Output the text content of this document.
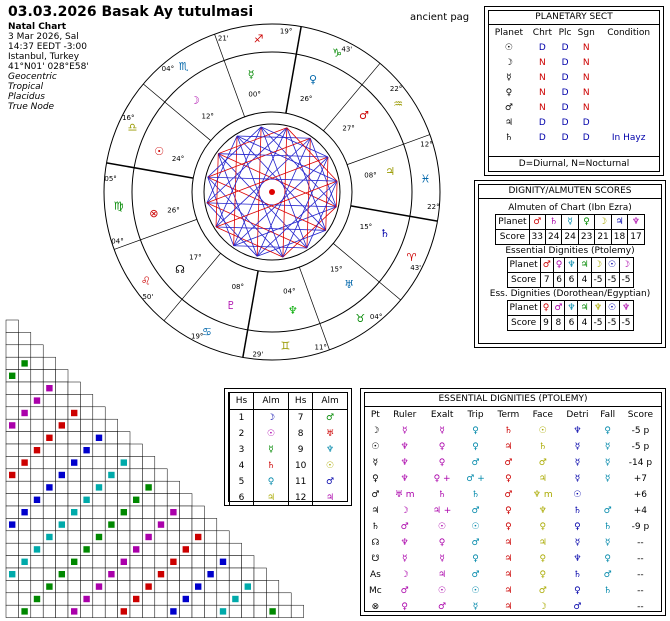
03.03.2026 Basak Ay tutulmasi
Natal Chart
3 Mar 2026, Sal
14:37 EEDT -3:00
Istanbul, Turkey
41°N01' 028°E58'
Geocentric
Tropical
Placidus
True Node
ancient pag
♈
♉
♊
♋
♌
♍
♎
♏
♐
♑
♒
♓
22°
43'
04°
11°
29'
19°
50'
04°
05°
16°
04°
21'
19°
43'
22°
12°
☉
☽
☿	♀
♂
♃
♄
♅
♆
♇
☊
⊗
24°
12°
00°
26°
27°
08°
15°
15°
04°
08°
17°
26°
PLANETARY SECT
Planet	Chrt	Plc	Sgn	Condition
☉	D	D	N	
☽	N	D	N	
☿	N	D	N	
♀	N	D	N	
♂	N	D	N	
♃	D	D	D	
♄	D	D	D	In Hayz
D=Diurnal, N=Nocturnal
DIGNITY/ALMUTEN SCORES
Almuten of Chart (Ibn Ezra)
Planet	♂	♄	☿	♀	☽	♃	♆
Score	33	24	24	23	21	18	17
Essential Dignities (Ptolemy)
Planet	♂	♀	♆	♃	☽	☉	☽
Score	7	6	6	4	-5	-5	-5
Ess. Dignities (Dorothean/Egyptian)
Planet	♀	♂	♆	♃	♆	☉	♆
Score	9	8	6	4	-5	-5	-5
Hs	Alm	Hs	Alm
1	☽	7	♂
2	☉	8	♅
3	☿	9	♆
4	♄	10	☉
5	♀	11	♂
6	♃	12	♃
ESSENTIAL DIGNITIES (PTOLEMY)
Pt	Ruler	Exalt	Trip	Term	Face	Detri	Fall	Score
☽	☿	☿	♀	♄	☉	♆	♀	-5 p
☉	♆	♀	♀	♃	♄	☿	☿	-5 p
☿	♆	♀	♂	♂	♂	☿	☿	-14 p
♀	♆	♀ +	♂ +	♀	♃	☿	☿	+7
♂	♅ m	♄	♄	♂	♆ m	☉		+6
♃	☽	♃ +	♂	♀	♆	♄	♂	+4
♄	♂	☉	☉	♀	♀	♀	♄	-9 p
☊	♆	♀	♂	♃	♃	☿	☿	--
☋	☿	☿	♀	♃	♀	♆	♀	--
As	☽	♃	♂	♃	♀	♄	♂	--
Mc	♂	☉	☉	♃	♂	♀	♄	--
⊗	♀	♂	☿	♃	☽	♂		--
